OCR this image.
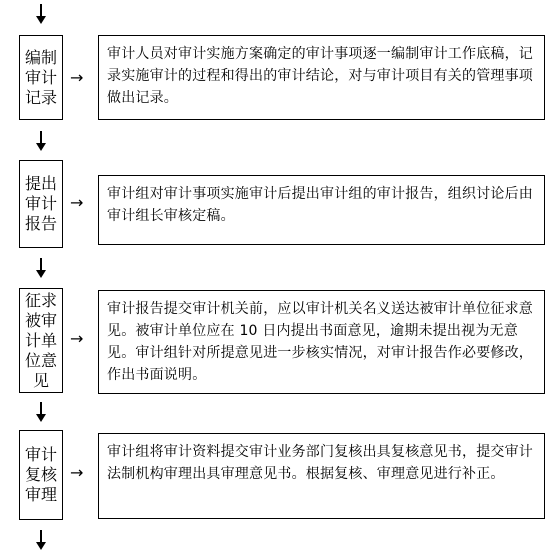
编制
审计
记录
→
审计人员对审计实施方案确定的审计事项逐一编制审计工作底稿，记录实施审计的过程和得出的审计结论，对与审计项目有关的管理事项做出记录。
提出
审计
报告
→	审计组对审计事项实施审计后提出审计组的审计报告，组织讨论后由审计组长审核定稿。
征求
被审
计单
位意
见
→
审计报告提交审计机关前，应以审计机关名义送达被审计单位征求意见。被审计单位应在 10 日内提出书面意见，逾期未提出视为无意见。审计组针对所提意见进一步核实情况，对审计报告作必要修改，作出书面说明。
审计
复核
审理
→
审计组将审计资料提交审计业务部门复核出具复核意见书，提交审计法制机构审理出具审理意见书。根据复核、审理意见进行补正。
